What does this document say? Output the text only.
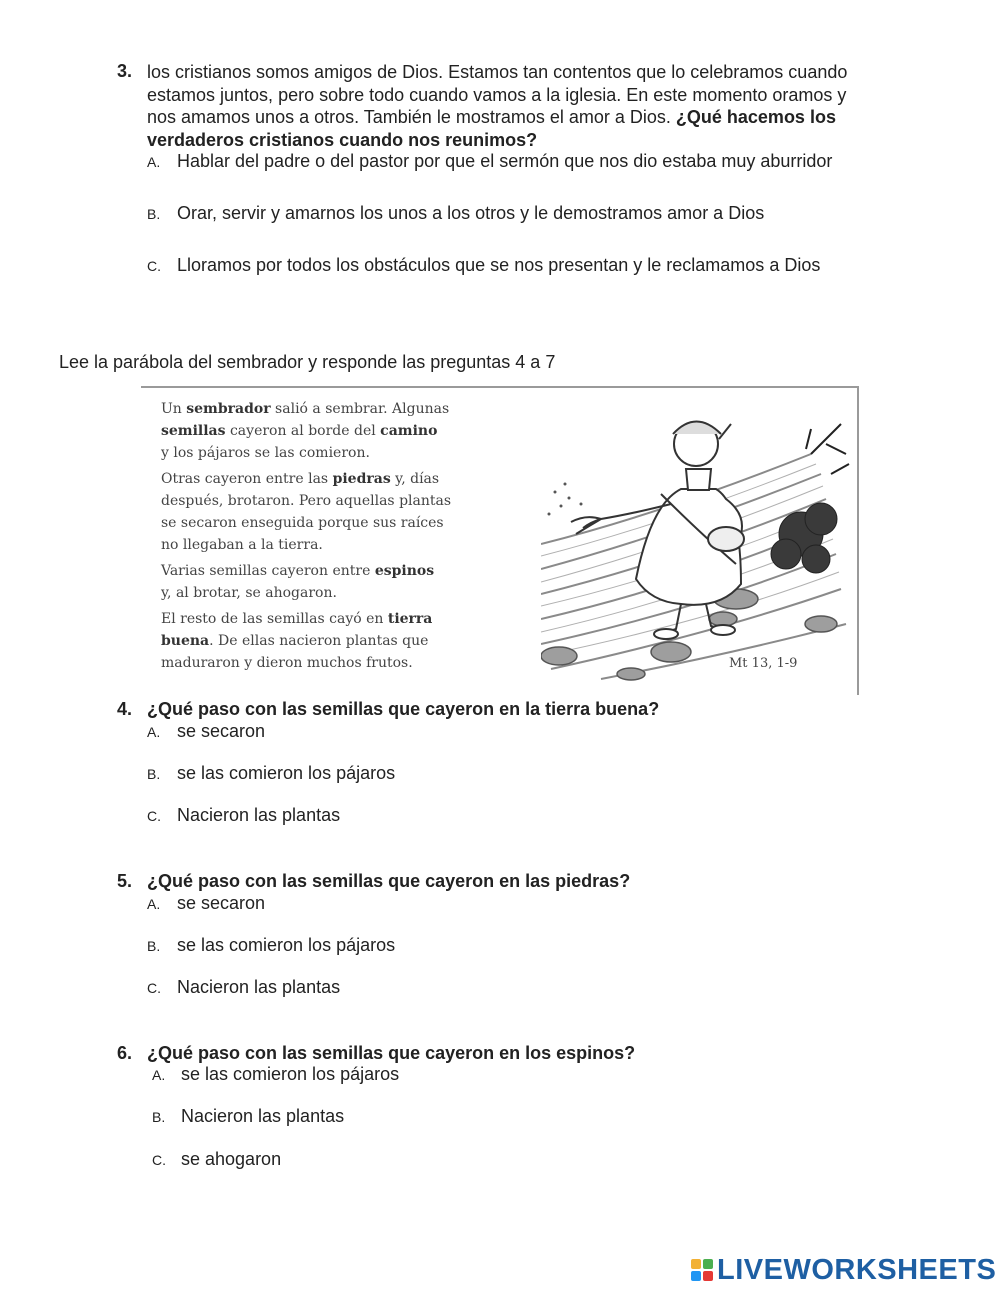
3. los cristianos somos amigos de Dios. Estamos tan contentos que lo celebramos cuando
estamos juntos, pero sobre todo cuando vamos a la iglesia. En este momento oramos y
nos amamos unos a otros. También le mostramos el amor a Dios. ¿Qué hacemos los
verdaderos cristianos cuando nos reunimos?
A. Hablar del padre o del pastor por que el sermón que nos dio estaba muy aburridor
B. Orar, servir y amarnos los unos a los otros y le demostramos amor a Dios
C. Lloramos por todos los obstáculos que se nos presentan y le reclamamos a Dios
Lee la parábola del sembrador y responde las preguntas 4 a 7

Un sembrador salió a sembrar. Algunas
semillas cayeron al borde del camino
y los pájaros se las comieron.

Otras cayeron entre las piedras y, días
después, brotaron. Pero aquellas plantas
se secaron enseguida porque sus raíces
no llegaban a la tierra.

Varias semillas cayeron entre espinos
y, al brotar, se ahogaron.

El resto de las semillas cayó en tierra
buena. De ellas nacieron plantas que
maduraron y dieron muchos frutos.	Mt 13, 1-9
4. ¿Qué paso con las semillas que cayeron en la tierra buena?
A. se secaron
B. se las comieron los pájaros
C. Nacieron las plantas
5. ¿Qué paso con las semillas que cayeron en las piedras?
A. se secaron
B. se las comieron los pájaros
C. Nacieron las plantas
6. ¿Qué paso con las semillas que cayeron en los espinos?
A. se las comieron los pájaros
B. Nacieron las plantas
C. se ahogaron
LIVEWORKSHEETS
